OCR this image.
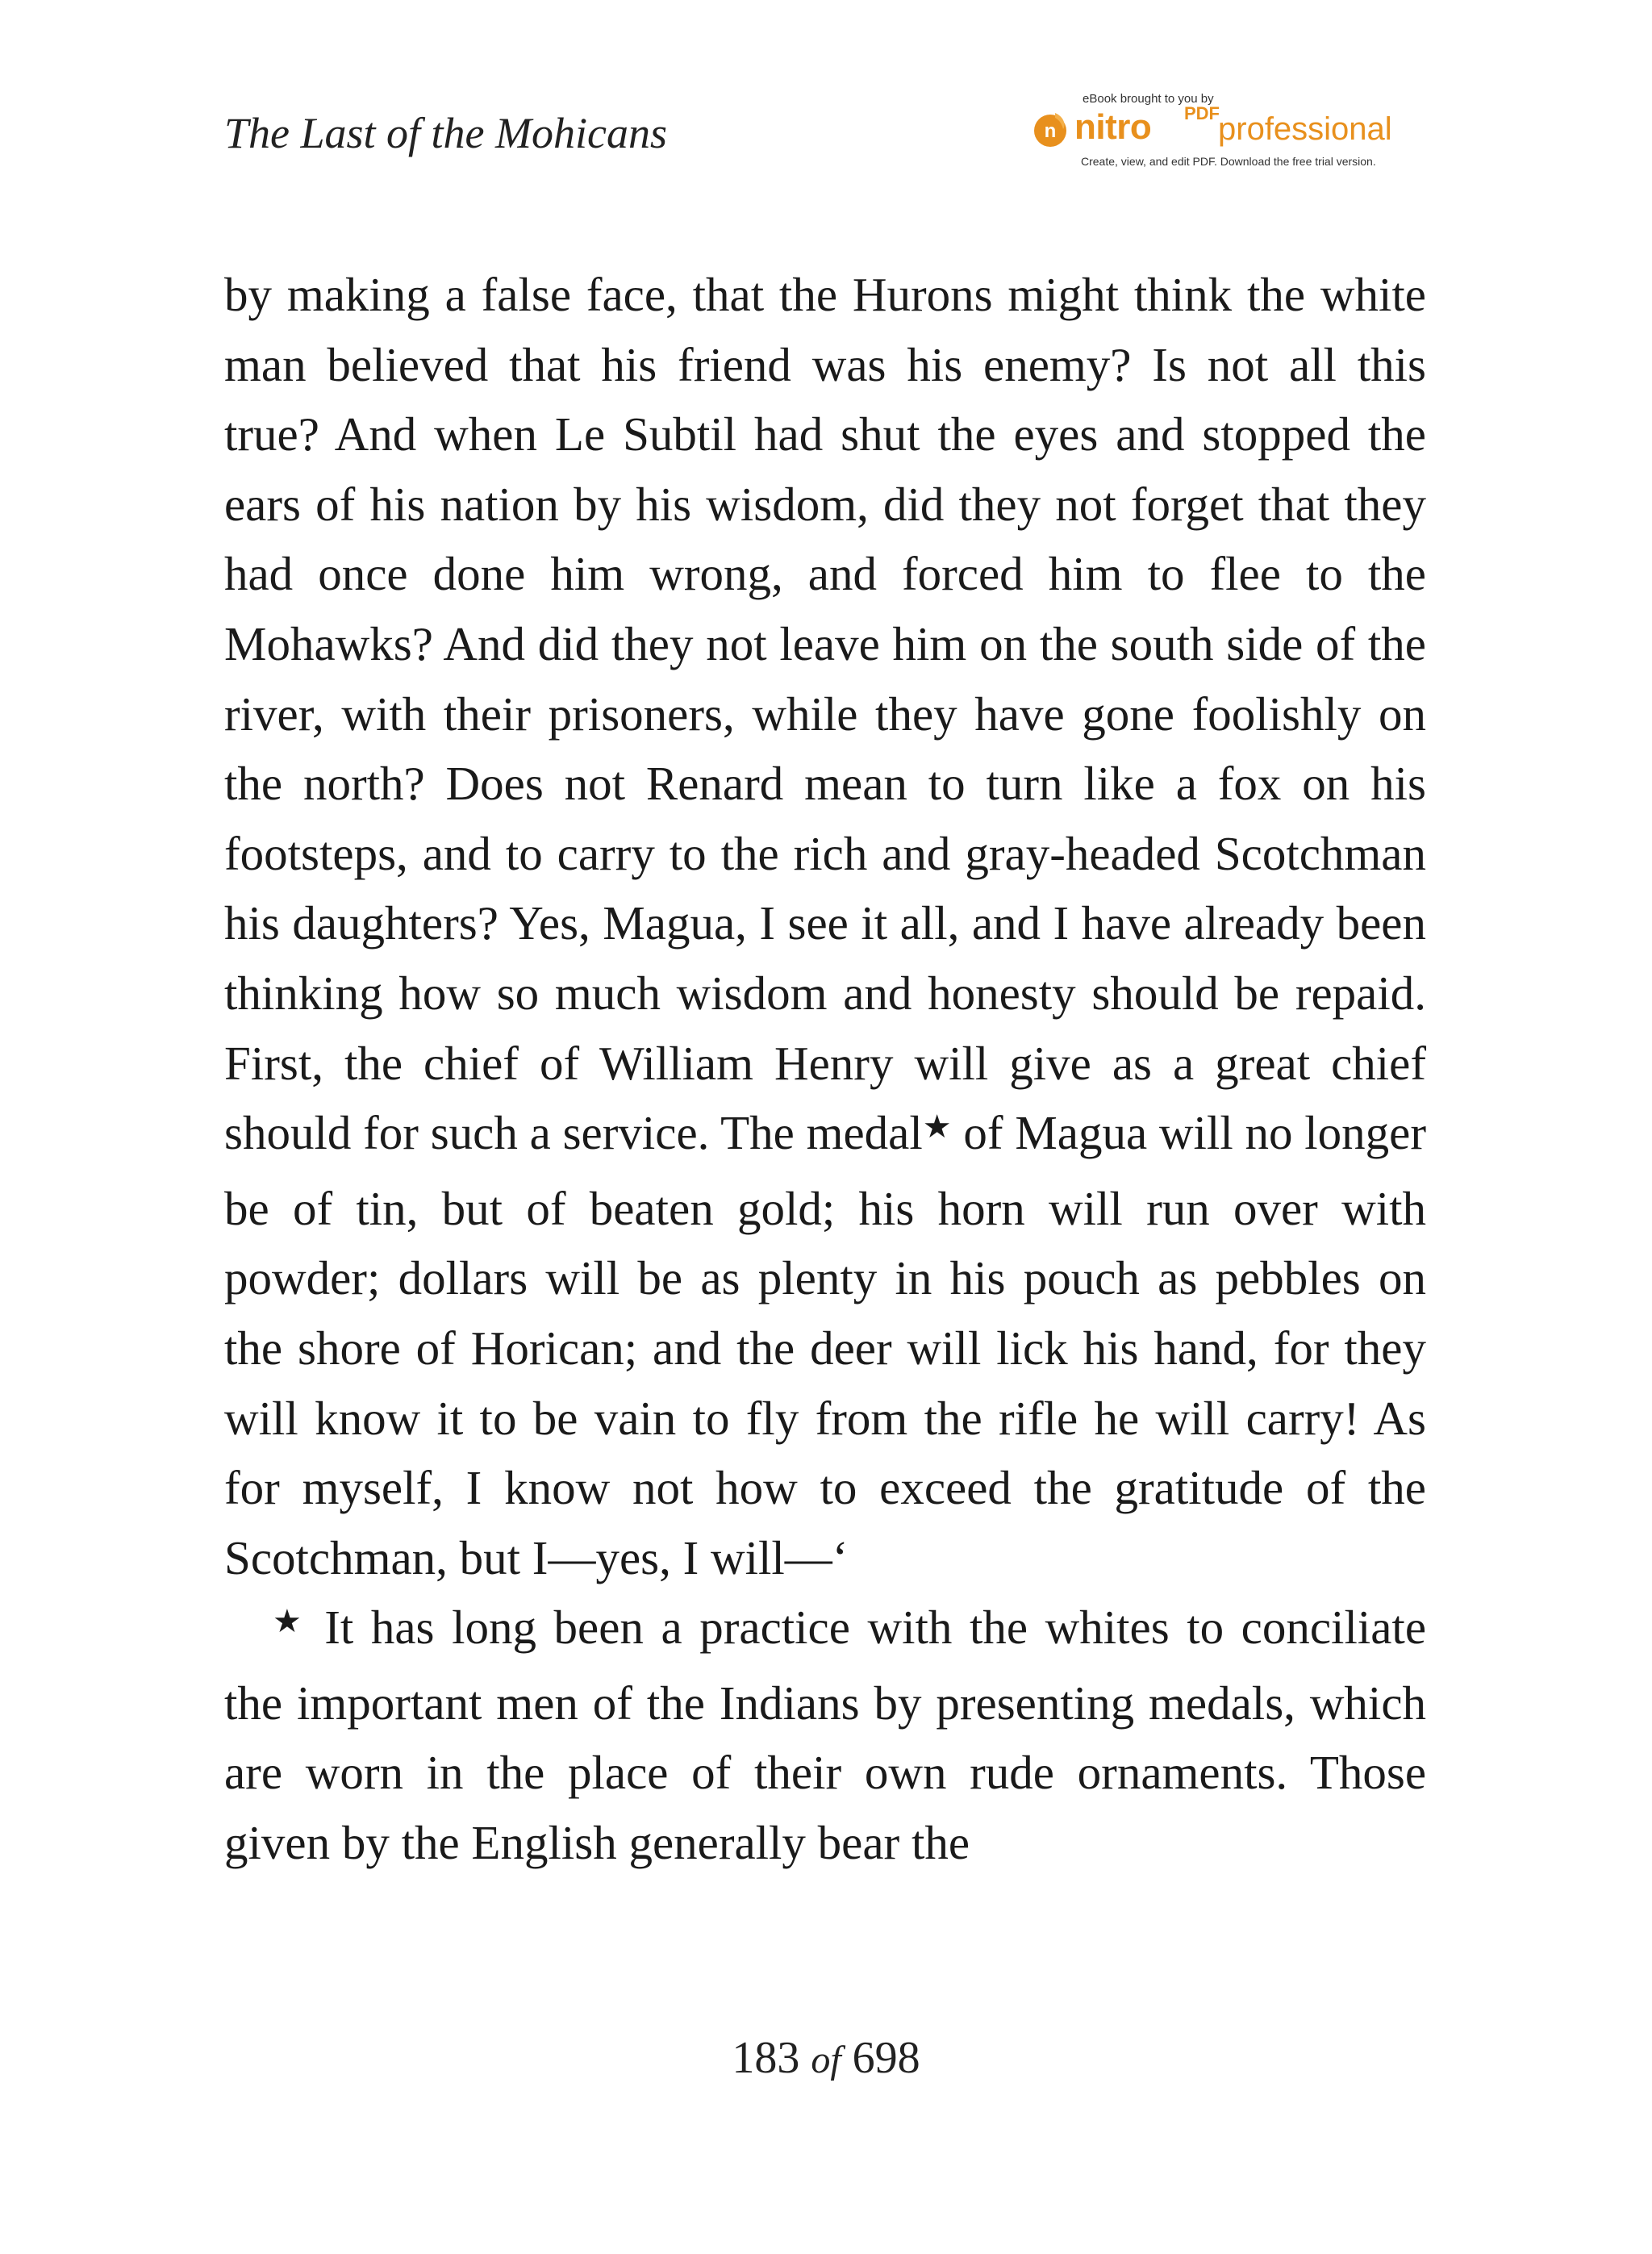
The Last of the Mohicans
eBook brought to you by
n nitro PDF
professional
Create, view, and edit PDF. Download the free trial version.

by making a false face, that the Hurons might think the white man believed that his friend was his enemy? Is not all this true? And when Le Subtil had shut the eyes and stopped the ears of his nation by his wisdom, did they not forget that they had once done him wrong, and forced him to flee to the Mohawks? And did they not leave him on the south side of the river, with their prisoners, while they have gone foolishly on the north? Does not Renard mean to turn like a fox on his footsteps, and to carry to the rich and gray-headed Scotchman his daughters? Yes, Magua, I see it all, and I have already been thinking how so much wisdom and honesty should be repaid. First, the chief of William Henry will give as a great chief should for such a service. The medal★ of Magua will no longer be of tin, but of beaten gold; his horn will run over with powder; dollars will be as plenty in his pouch as pebbles on the shore of Horican; and the deer will lick his hand, for they will know it to be vain to fly from the rifle he will carry! As for myself, I know not how to exceed the gratitude of the Scotchman, but I—yes, I will—‘

★ It has long been a practice with the whites to conciliate the important men of the Indians by presenting medals, which are worn in the place of their own rude ornaments. Those given by the English generally bear the

183 of 698
